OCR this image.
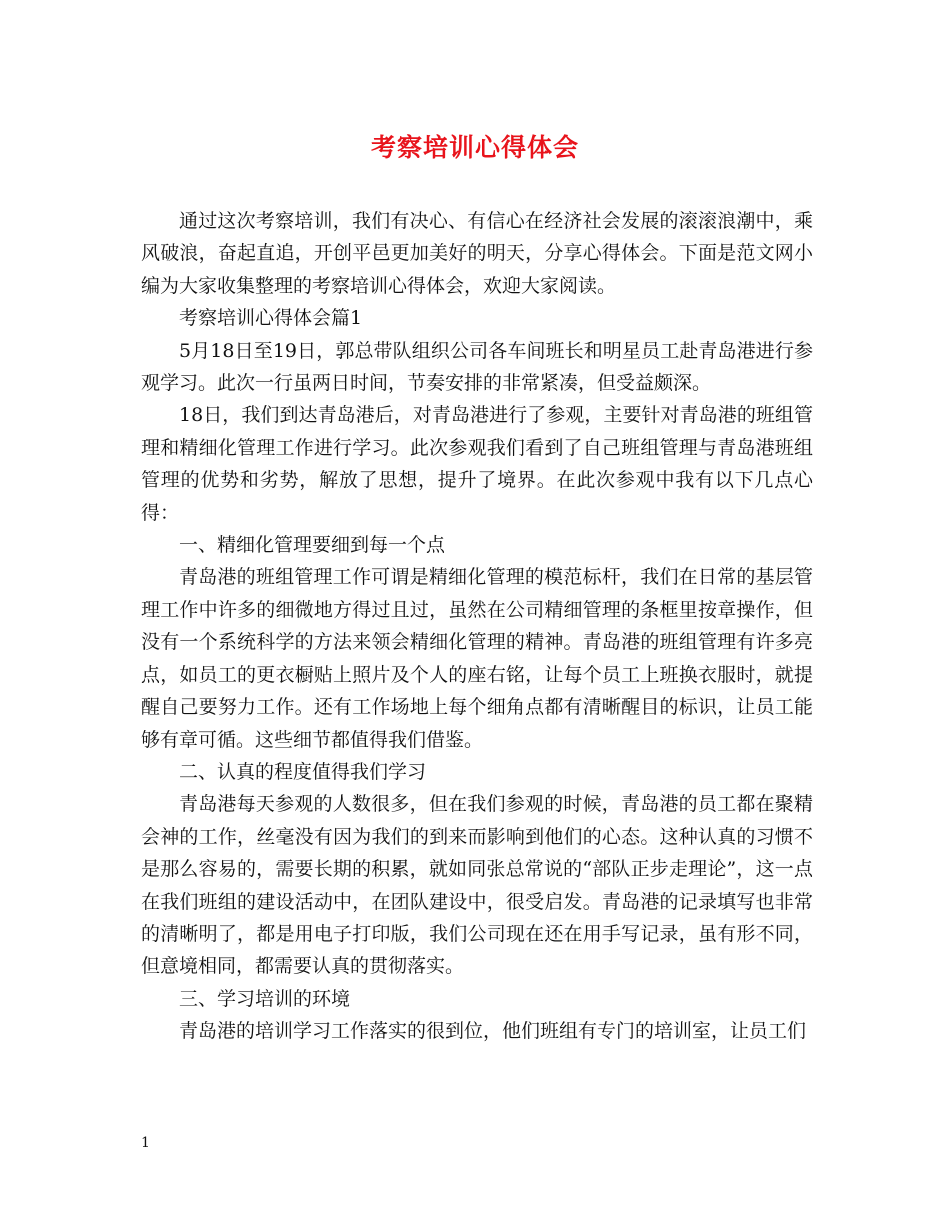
考察培训心得体会

通过这次考察培训，我们有决心、有信心在经济社会发展的滚滚浪潮中，乘风破浪，奋起直追，开创平邑更加美好的明天，分享心得体会。下面是范文网小编为大家收集整理的考察培训心得体会，欢迎大家阅读。

考察培训心得体会篇1

5月18日至19日，郭总带队组织公司各车间班长和明星员工赴青岛港进行参观学习。此次一行虽两日时间，节奏安排的非常紧凑，但受益颇深。

18日，我们到达青岛港后，对青岛港进行了参观，主要针对青岛港的班组管理和精细化管理工作进行学习。此次参观我们看到了自己班组管理与青岛港班组管理的优势和劣势，解放了思想，提升了境界。在此次参观中我有以下几点心得：

一、精细化管理要细到每一个点

青岛港的班组管理工作可谓是精细化管理的模范标杆，我们在日常的基层管理工作中许多的细微地方得过且过，虽然在公司精细管理的条框里按章操作，但没有一个系统科学的方法来领会精细化管理的精神。青岛港的班组管理有许多亮点，如员工的更衣橱贴上照片及个人的座右铭，让每个员工上班换衣服时，就提醒自己要努力工作。还有工作场地上每个细角点都有清晰醒目的标识，让员工能够有章可循。这些细节都值得我们借鉴。

二、认真的程度值得我们学习

青岛港每天参观的人数很多，但在我们参观的时候，青岛港的员工都在聚精会神的工作，丝毫没有因为我们的到来而影响到他们的心态。这种认真的习惯不是那么容易的，需要长期的积累，就如同张总常说的“部队正步走理论”，这一点在我们班组的建设活动中，在团队建设中，很受启发。青岛港的记录填写也非常的清晰明了，都是用电子打印版，我们公司现在还在用手写记录，虽有形不同，但意境相同，都需要认真的贯彻落实。

三、学习培训的环境

青岛港的培训学习工作落实的很到位，他们班组有专门的培训室，让员工们

1
